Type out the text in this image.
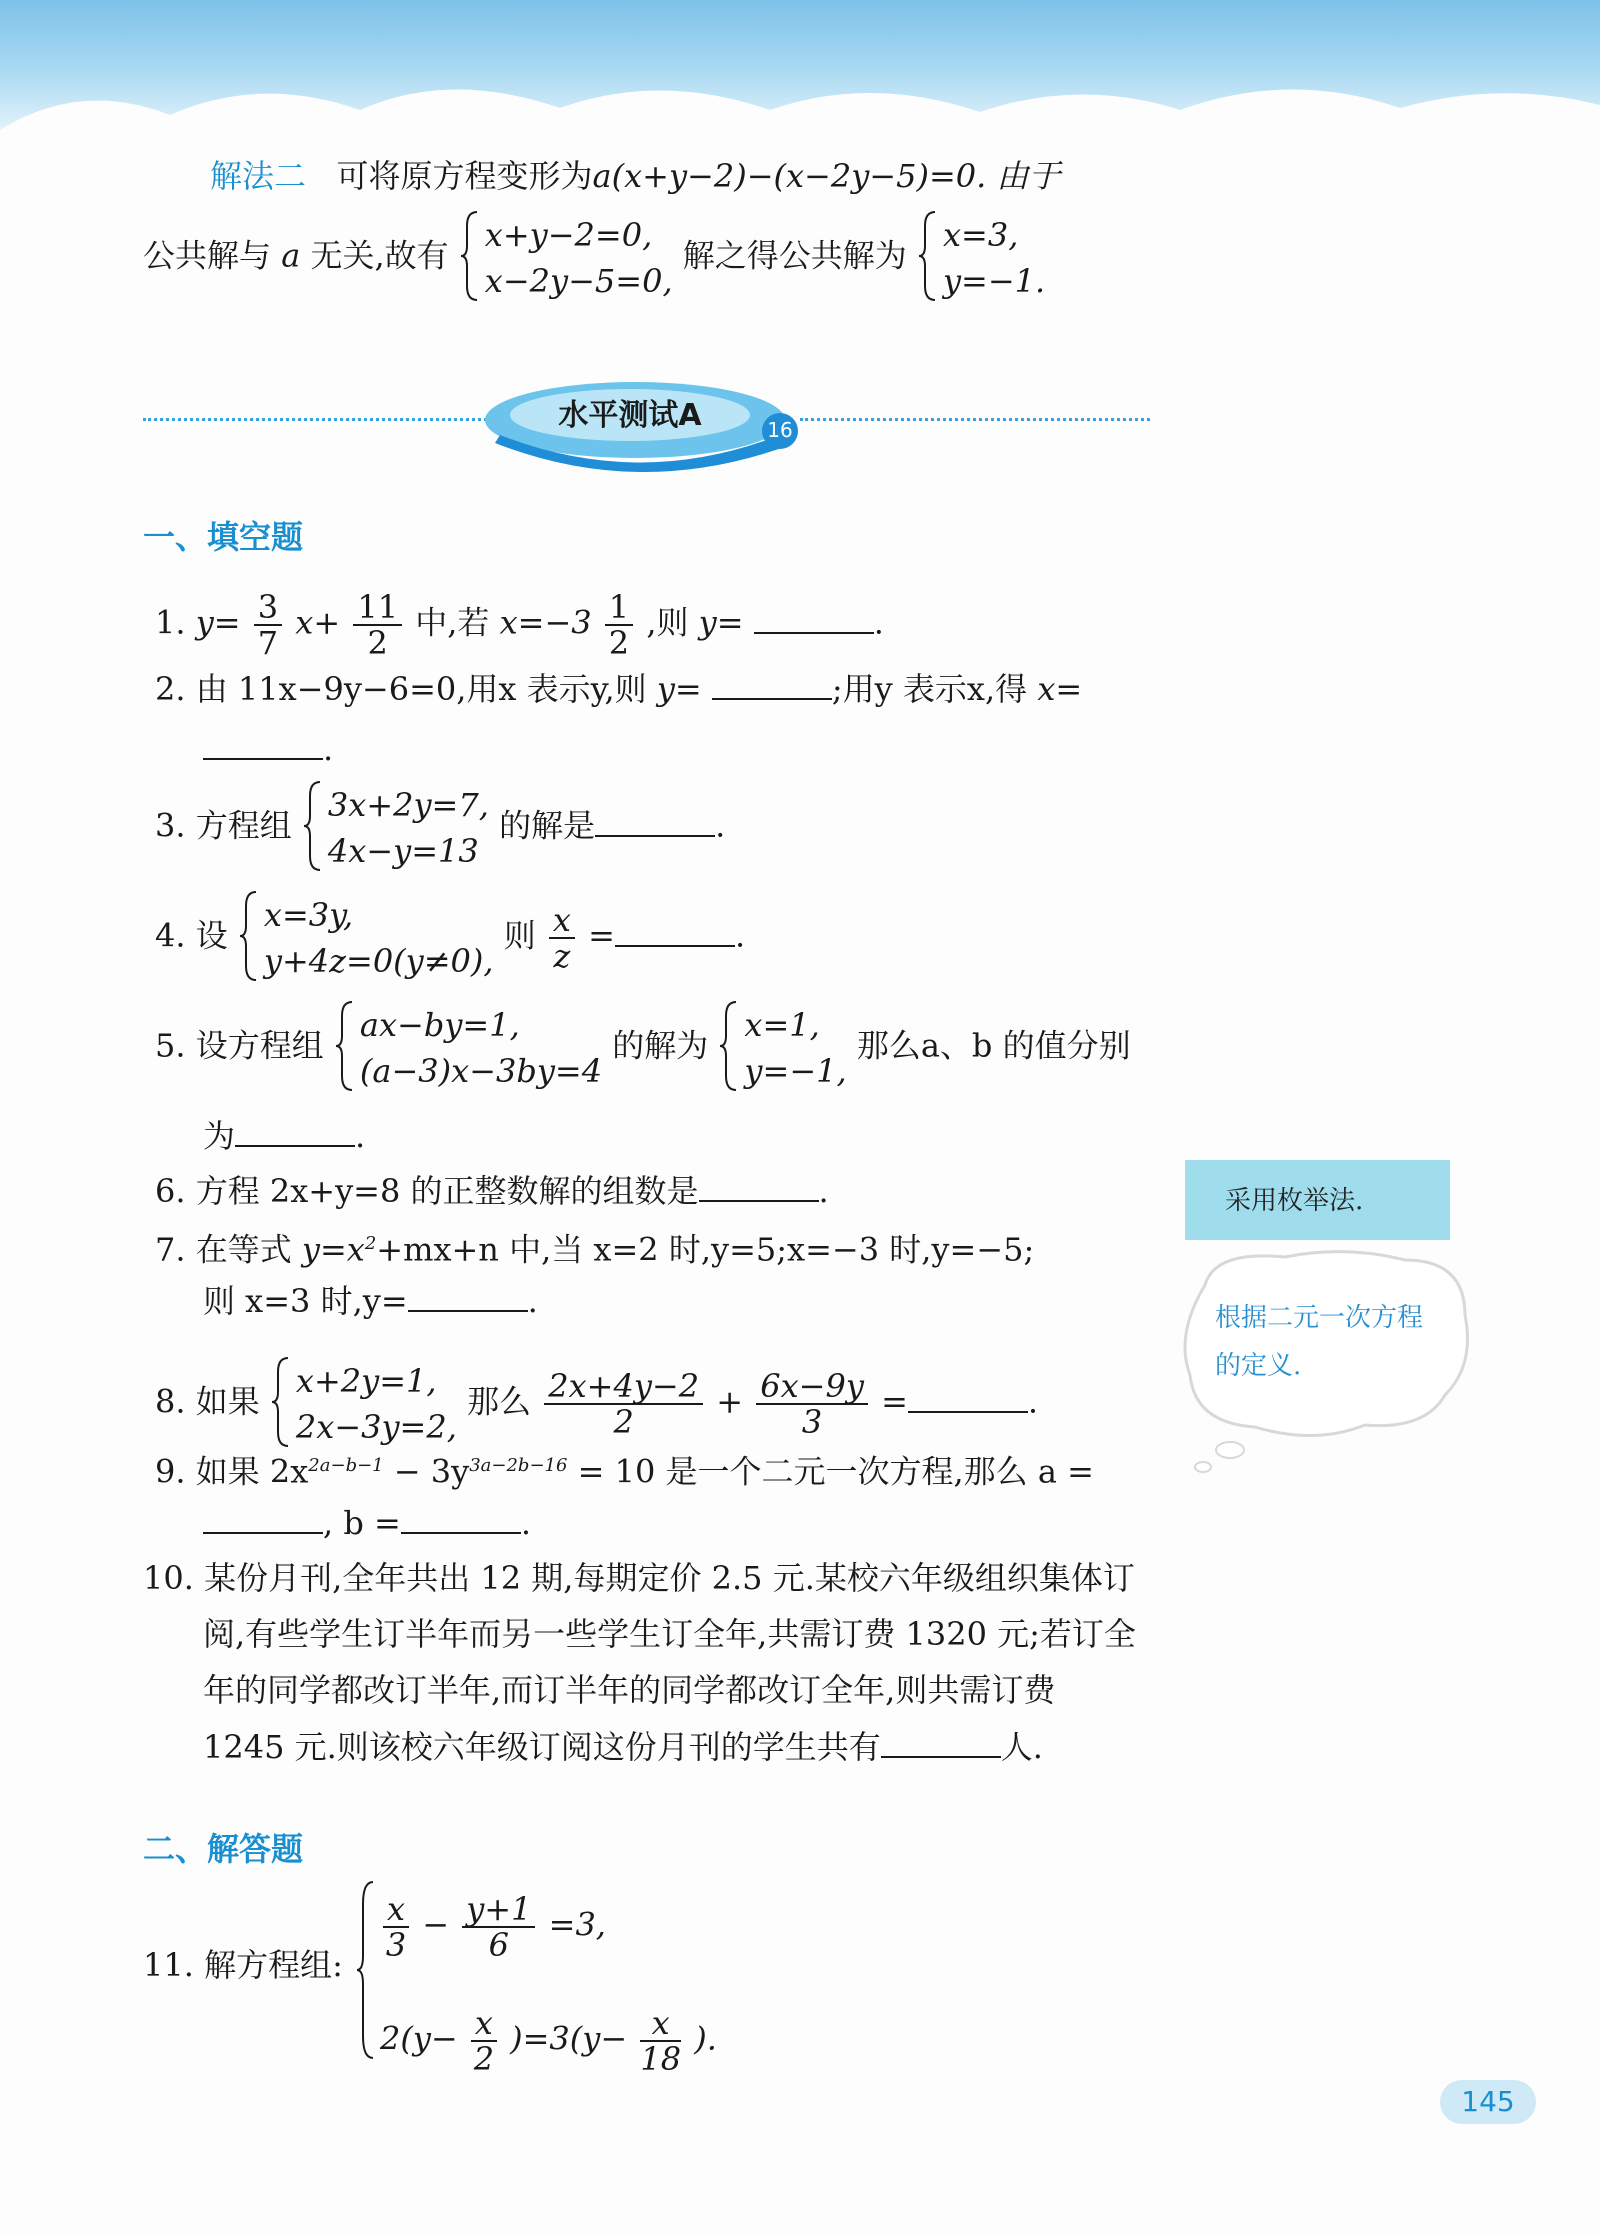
解法二 可将原方程变形为a(x+y−2)−(x−2y−5)=0. 由于
公共解与 a 无关,故有
x+y−2=0,
x−2y−5=0,
解之得公共解为
x=3,
y=−1.
水平测试A	16
一、填空题
1. $y= \frac{3}{7} x+ \frac{11}{2}$ 中,若 $x=-3 \frac{1}{2}$ ,则 y=	.
2. 由 11x−9y−6=0,用x 表示y,则 y=	;用y 表示x,得 x=
.
3. 方程组
3x+2y=7,
4x−y=13
的解是	.
4. 设
x=3y,
y+4z=0(y≠0),
则 $\frac{x}{z}$ =	.
5. 设方程组
ax−by=1,
(a−3)x−3by=4
的解为
x=1,
y=−1,
那么a、b 的值分别
为	.
6. 方程 2x+y=8 的正整数解的组数是	.
7. 在等式 $y=x^2+mx+n$ 中,当 x=2 时,y=5;x=−3 时,y=−5;
则 x=3 时,y=	.
8. 如果
x+2y=1,
2x−3y=2,
那么 $\frac{2x+4y-2}{2} + \frac{6x-9y}{3}$ =	.
9. 如果 $2x^{2a-b-1} - 3y^{3a-2b-16} = 10$ 是一个二元一次方程,那么 a =
, b =	.
10. 某份月刊,全年共出 12 期,每期定价 2.5 元.某校六年级组织集体订
阅,有些学生订半年而另一些学生订全年,共需订费 1320 元;若订全
年的同学都改订半年,而订半年的同学都改订全年,则共需订费
1245 元.则该校六年级订阅这份月刊的学生共有	人.
二、解答题
11. 解方程组:
$\frac{x}{3} - \frac{y+1}{6} =3$,
$2(y- \frac{x}{2} )=3(y- \frac{x}{18}$ ).
采用枚举法.
根据二元一次方程
的定义.
145
